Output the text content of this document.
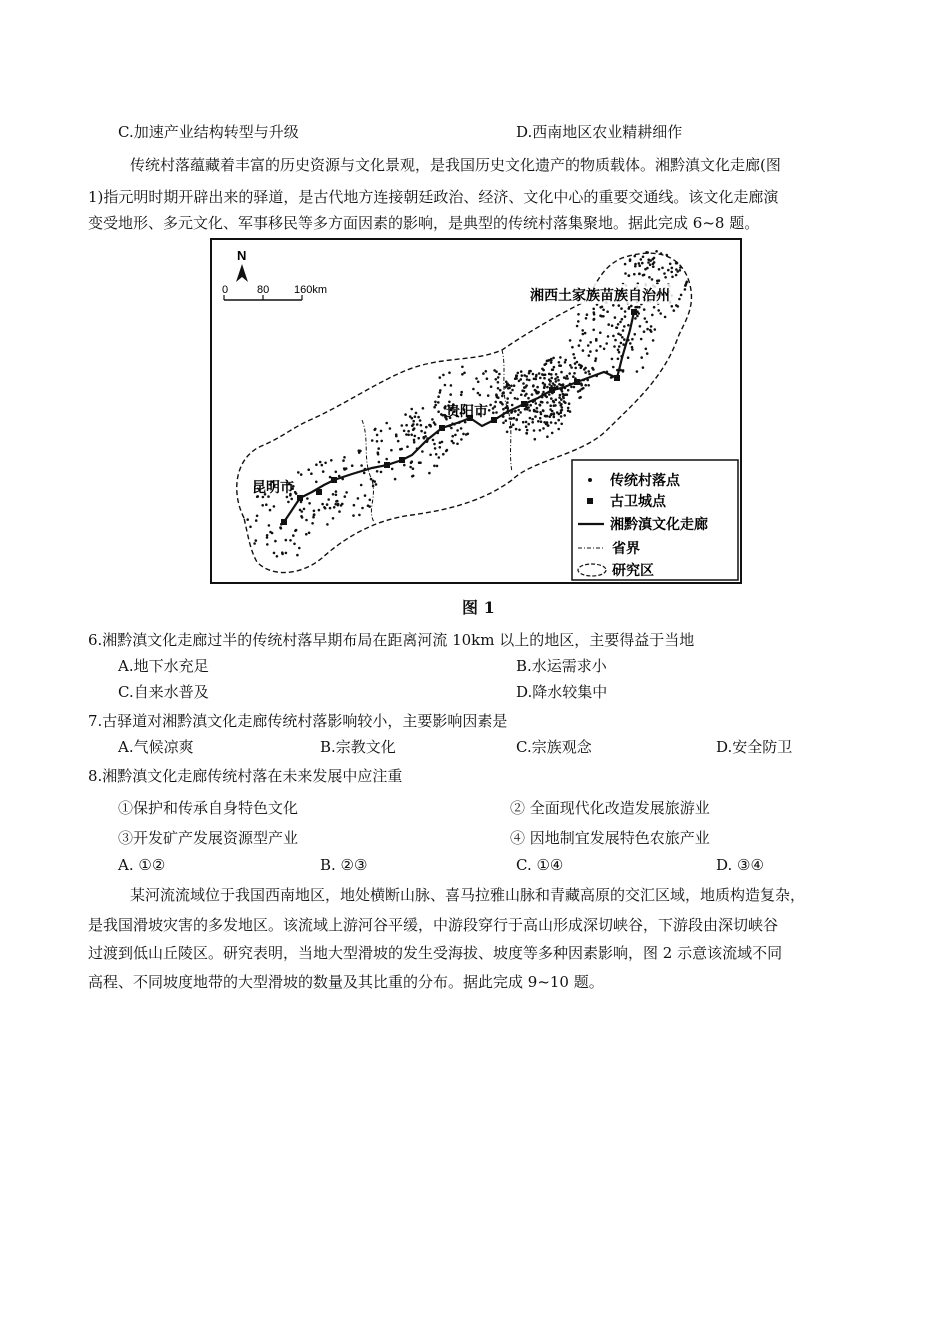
C.加速产业结构转型与升级	D.西南地区农业精耕细作
传统村落蕴藏着丰富的历史资源与文化景观，是我国历史文化遗产的物质载体。湘黔滇文化走廊(图
1)指元明时期开辟出来的驿道，是古代地方连接朝廷政治、经济、文化中心的重要交通线。该文化走廊演
变受地形、多元文化、军事移民等多方面因素的影响，是典型的传统村落集聚地。据此完成 6~8 题。
N
0	80 160km	湘西土家族苗族自治州
贵阳市
昆明市	传统村落点
古卫城点
湘黔滇文化走廊
省界
研究区
图 1
6.湘黔滇文化走廊过半的传统村落早期布局在距离河流 10km 以上的地区，主要得益于当地
A.地下水充足	B.水运需求小
C.自来水普及	D.降水较集中
7.古驿道对湘黔滇文化走廊传统村落影响较小，主要影响因素是
A.气候凉爽	B.宗教文化	C.宗族观念	D.安全防卫
8.湘黔滇文化走廊传统村落在未来发展中应注重
①保护和传承自身特色文化	② 全面现代化改造发展旅游业
③开发矿产发展资源型产业	④ 因地制宜发展特色农旅产业
A. ①②	B. ②③	C. ①④	D. ③④
某河流流域位于我国西南地区，地处横断山脉、喜马拉雅山脉和青藏高原的交汇区域，地质构造复杂，
是我国滑坡灾害的多发地区。该流域上游河谷平缓，中游段穿行于高山形成深切峡谷，下游段由深切峡谷
过渡到低山丘陵区。研究表明，当地大型滑坡的发生受海拔、坡度等多种因素影响，图 2 示意该流域不同
高程、不同坡度地带的大型滑坡的数量及其比重的分布。据此完成 9~10 题。
